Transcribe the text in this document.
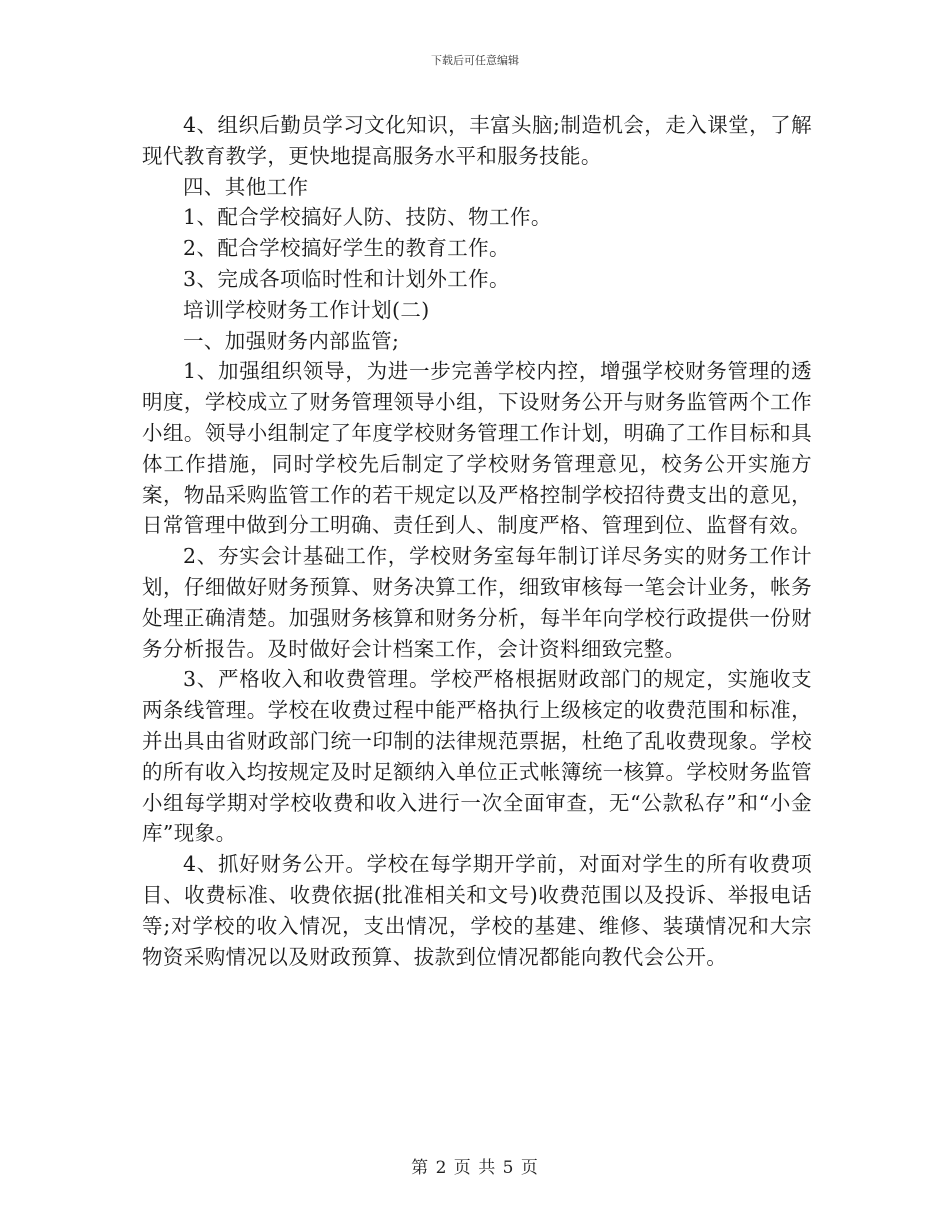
下载后可任意编辑

4、组织后勤员学习文化知识，丰富头脑;制造机会，走入课堂，了解现代教育教学，更快地提高服务水平和服务技能。

四、其他工作

1、配合学校搞好人防、技防、物工作。

2、配合学校搞好学生的教育工作。

3、完成各项临时性和计划外工作。

培训学校财务工作计划(二)

一、加强财务内部监管;

1、加强组织领导，为进一步完善学校内控，增强学校财务管理的透明度，学校成立了财务管理领导小组，下设财务公开与财务监管两个工作小组。领导小组制定了年度学校财务管理工作计划，明确了工作目标和具体工作措施，同时学校先后制定了学校财务管理意见，校务公开实施方案，物品采购监管工作的若干规定以及严格控制学校招待费支出的意见，日常管理中做到分工明确、责任到人、制度严格、管理到位、监督有效。

2、夯实会计基础工作，学校财务室每年制订详尽务实的财务工作计划，仔细做好财务预算、财务决算工作，细致审核每一笔会计业务，帐务处理正确清楚。加强财务核算和财务分析，每半年向学校行政提供一份财务分析报告。及时做好会计档案工作，会计资料细致完整。

3、严格收入和收费管理。学校严格根据财政部门的规定，实施收支两条线管理。学校在收费过程中能严格执行上级核定的收费范围和标准，并出具由省财政部门统一印制的法律规范票据，杜绝了乱收费现象。学校的所有收入均按规定及时足额纳入单位正式帐簿统一核算。学校财务监管小组每学期对学校收费和收入进行一次全面审查，无“公款私存”和“小金库”现象。

4、抓好财务公开。学校在每学期开学前，对面对学生的所有收费项目、收费标准、收费依据(批准相关和文号)收费范围以及投诉、举报电话等;对学校的收入情况，支出情况，学校的基建、维修、装璜情况和大宗物资采购情况以及财政预算、拔款到位情况都能向教代会公开。

第 2 页 共 5 页
